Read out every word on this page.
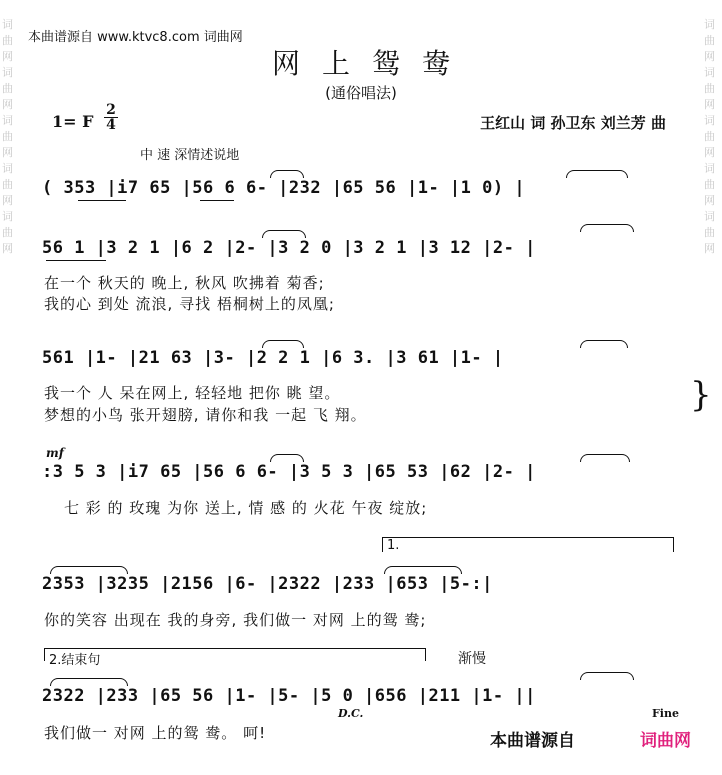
词
曲
网
词
曲
网
词
曲
网
词
曲
网
词
曲
网
词
曲
网
词
曲
网
词
曲
网
词
曲
网
词
曲
网
本曲谱源自 www.ktvc8.com 词曲网
网上鸳鸯
(通俗唱法)
1= F
2
4	王红山 词 孙卫东 刘兰芳 曲
中 速 深情述说地
( 353 |i7 65 |56 6 6- |232 |65 56 |1- |1 0) |
56 1 |3 2 1 |6 2 |2- |3 2 0 |3 2 1 |3 12 |2- |
在一个 秋天的 晚上, 秋风 吹拂着 菊香;
我的心 到处 流浪, 寻找 梧桐树上的凤凰;
561 |1- |21 63 |3- |2 2 1 |6 3. |3 61 |1- |
我一个 人 呆在网上, 轻轻地 把你 眺 望。
梦想的小鸟 张开翅膀, 请你和我 一起 飞 翔。	}
mf
:3 5 3 |i7 65 |56 6 6- |3 5 3 |65 53 |62 |2- |
七 彩 的 玫瑰 为你 送上, 情 感 的 火花 午夜 绽放;
1.
2353 |3235 |2156 |6- |2322 |233 |653 |5-:|
你的笑容 出现在 我的身旁, 我们做一 对网 上的鸳 鸯;
2.结束句	渐慢
2322 |233 |65 56 |1- |5- |5 0 |656 |211 |1- ||
D.C.	Fine
我们做一 对网 上的鸳 鸯。 呵!	本曲谱源自	词曲网
